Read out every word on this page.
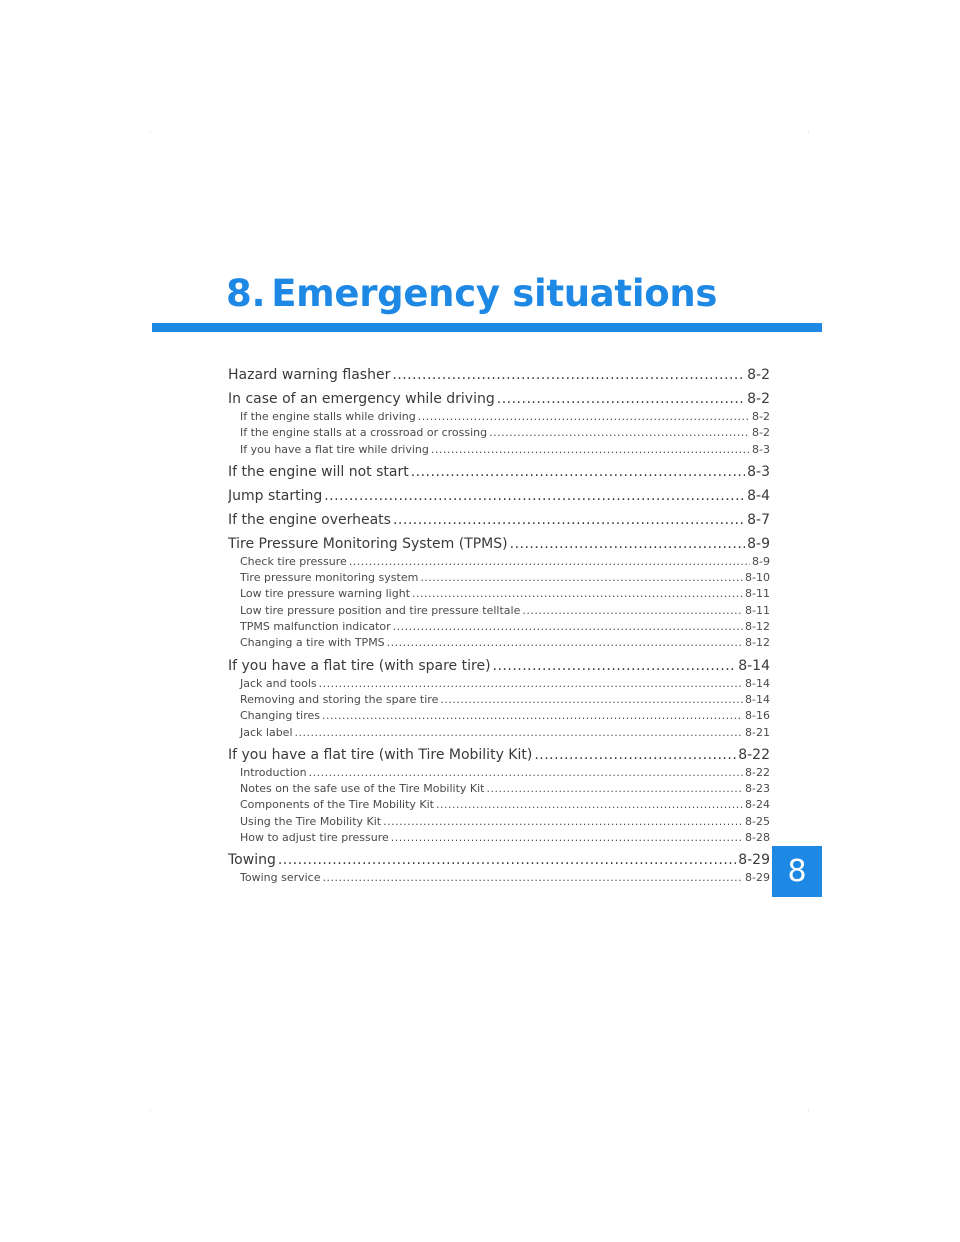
8. Emergency situations
Hazard warning flasher .....	8-2
In case of an emergency while driving .....	8-2
If the engine stalls while driving .....	8-2
If the engine stalls at a crossroad or crossing .....	8-2
If you have a flat tire while driving .....	8-3
If the engine will not start .....	8-3
Jump starting .....	8-4
If the engine overheats .....	8-7
Tire Pressure Monitoring System (TPMS) .....	8-9
Check tire pressure .....	8-9
Tire pressure monitoring system .....	8-10
Low tire pressure warning light .....	8-11
Low tire pressure position and tire pressure telltale .....	8-11
TPMS malfunction indicator .....	8-12
Changing a tire with TPMS .....	8-12
If you have a flat tire (with spare tire) .....	8-14
Jack and tools .....	8-14
Removing and storing the spare tire .....	8-14
Changing tires .....	8-16
Jack label .....	8-21
If you have a flat tire (with Tire Mobility Kit) .....	8-22
Introduction .....	8-22
Notes on the safe use of the Tire Mobility Kit .....	8-23
Components of the Tire Mobility Kit .....	8-24
Using the Tire Mobility Kit .....	8-25
How to adjust tire pressure .....	8-28
Towing .....	8-29
Towing service .....	8-29 8
